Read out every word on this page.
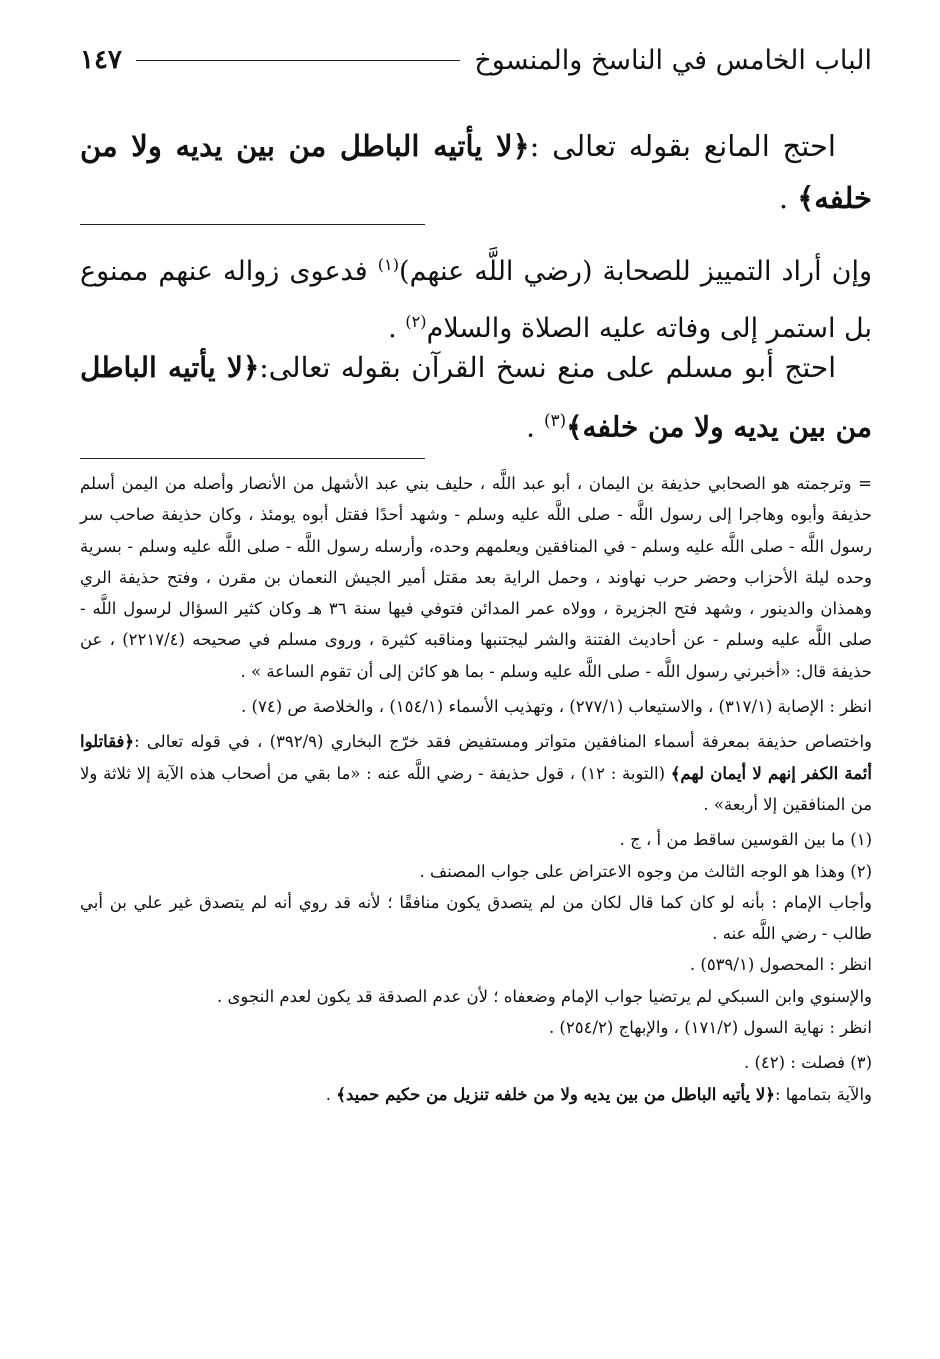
الباب الخامس في الناسخ والمنسوخ
١٤٧
احتج المانع بقوله تعالى :﴿لا يأتيه الباطل من بين يديه ولا من خلفه﴾ .
وإن أراد التمييز للصحابة (رضي اللَّه عنهم)$^{(١)}$ فدعوى زواله عنهم ممنوع بل استمر إلى وفاته عليه الصلاة والسلام$^{(٢)}$ .
احتج أبو مسلم على منع نسخ القرآن بقوله تعالى:﴿لا يأتيه الباطل من بين يديه ولا من خلفه﴾$^{(٣)}$ .

= وترجمته هو الصحابي حذيفة بن اليمان ، أبو عبد اللَّه ، حليف بني عبد الأشهل من الأنصار وأصله من اليمن أسلم حذيفة وأبوه وهاجرا إلى رسول اللَّه - صلى اللَّه عليه وسلم - وشهد أحدًا فقتل أبوه يومئذ ، وكان حذيفة صاحب سر رسول اللَّه - صلى اللَّه عليه وسلم - في المنافقين ويعلمهم وحده، وأرسله رسول اللَّه - صلى اللَّه عليه وسلم - بسرية وحده ليلة الأحزاب وحضر حرب نهاوند ، وحمل الراية بعد مقتل أمير الجيش النعمان بن مقرن ، وفتح حذيفة الري وهمذان والدينور ، وشهد فتح الجزيرة ، وولاه عمر المدائن فتوفي فيها سنة ٣٦ هـ وكان كثير السؤال لرسول اللَّه - صلى اللَّه عليه وسلم - عن أحاديث الفتنة والشر ليجتنبها ومناقبه كثيرة ، وروى مسلم في صحيحه (٢٢١٧/٤) ، عن حذيفة قال: «أخبرني رسول اللَّه - صلى اللَّه عليه وسلم - بما هو كائن إلى أن تقوم الساعة » .

انظر : الإصابة (٣١٧/١) ، والاستيعاب (٢٧٧/١) ، وتهذيب الأسماء (١٥٤/١) ، والخلاصة ص (٧٤) .

واختصاص حذيفة بمعرفة أسماء المنافقين متواتر ومستفيض فقد خرّج البخاري (٣٩٢/٩) ، في قوله تعالى :﴿فقاتلوا أئمة الكفر إنهم لا أيمان لهم﴾ (التوبة : ١٢) ، قول حذيفة - رضي اللَّه عنه : «ما بقي من أصحاب هذه الآية إلا ثلاثة ولا من المنافقين إلا أربعة» .

(١) ما بين القوسين ساقط من أ ، ج .

(٢) وهذا هو الوجه الثالث من وجوه الاعتراض على جواب المصنف .

وأجاب الإمام : بأنه لو كان كما قال لكان من لم يتصدق يكون منافقًا ؛ لأنه قد روي أنه لم يتصدق غير علي بن أبي طالب - رضي اللَّه عنه .

انظر : المحصول (٥٣٩/١) .

والإسنوي وابن السبكي لم يرتضيا جواب الإمام وضعفاه ؛ لأن عدم الصدقة قد يكون لعدم النجوى .

انظر : نهاية السول (١٧١/٢) ، والإبهاج (٢٥٤/٢) .

(٣) فصلت : (٤٢) .

والآية بتمامها :﴿لا يأتيه الباطل من بين يديه ولا من خلفه تنزيل من حكيم حميد﴾ .
